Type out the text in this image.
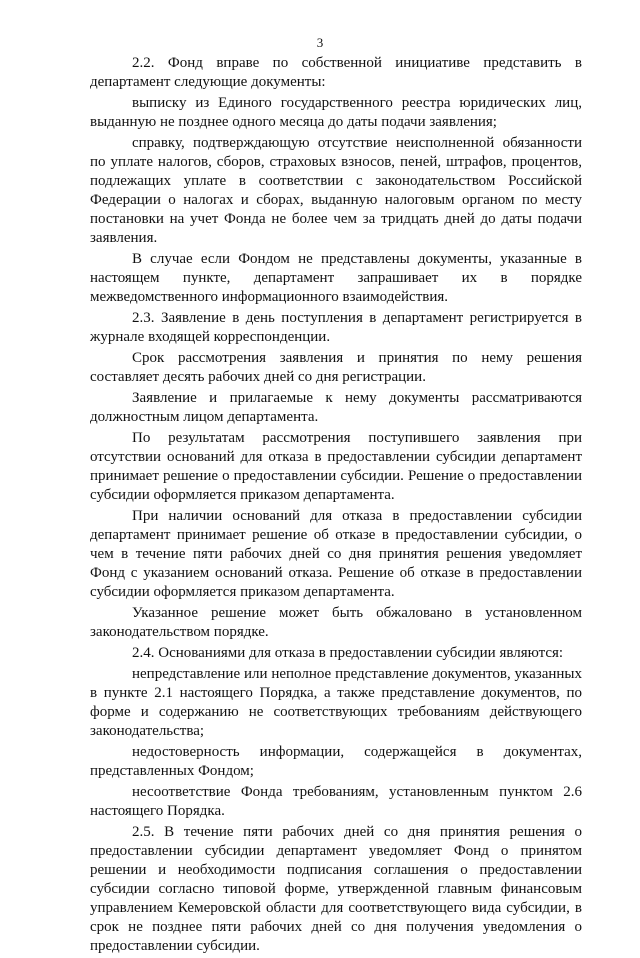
3

2.2. Фонд вправе по собственной инициативе представить в департамент следующие документы:

выписку из Единого государственного реестра юридических лиц, выданную не позднее одного месяца до даты подачи заявления;

справку, подтверждающую отсутствие неисполненной обязанности по уплате налогов, сборов, страховых взносов, пеней, штрафов, процентов, подлежащих уплате в соответствии с законодательством Российской Федерации о налогах и сборах, выданную налоговым органом по месту постановки на учет Фонда не более чем за тридцать дней до даты подачи заявления.

В случае если Фондом не представлены документы, указанные в настоящем пункте, департамент запрашивает их в порядке межведомственного информационного взаимодействия.

2.3. Заявление в день поступления в департамент регистрируется в журнале входящей корреспонденции.

Срок рассмотрения заявления и принятия по нему решения составляет десять рабочих дней со дня регистрации.

Заявление и прилагаемые к нему документы рассматриваются должностным лицом департамента.

По результатам рассмотрения поступившего заявления при отсутствии оснований для отказа в предоставлении субсидии департамент принимает решение о предоставлении субсидии. Решение о предоставлении субсидии оформляется приказом департамента.

При наличии оснований для отказа в предоставлении субсидии департамент принимает решение об отказе в предоставлении субсидии, о чем в течение пяти рабочих дней со дня принятия решения уведомляет Фонд с указанием оснований отказа. Решение об отказе в предоставлении субсидии оформляется приказом департамента.

Указанное решение может быть обжаловано в установленном законодательством порядке.

2.4. Основаниями для отказа в предоставлении субсидии являются:

непредставление или неполное представление документов, указанных в пункте 2.1 настоящего Порядка, а также представление документов, по форме и содержанию не соответствующих требованиям действующего законодательства;

недостоверность информации, содержащейся в документах, представленных Фондом;

несоответствие Фонда требованиям, установленным пунктом 2.6 настоящего Порядка.

2.5. В течение пяти рабочих дней со дня принятия решения о предоставлении субсидии департамент уведомляет Фонд о принятом решении и необходимости подписания соглашения о предоставлении субсидии согласно типовой форме, утвержденной главным финансовым управлением Кемеровской области для соответствующего вида субсидии, в срок не позднее пяти рабочих дней со дня получения уведомления о предоставлении субсидии.
